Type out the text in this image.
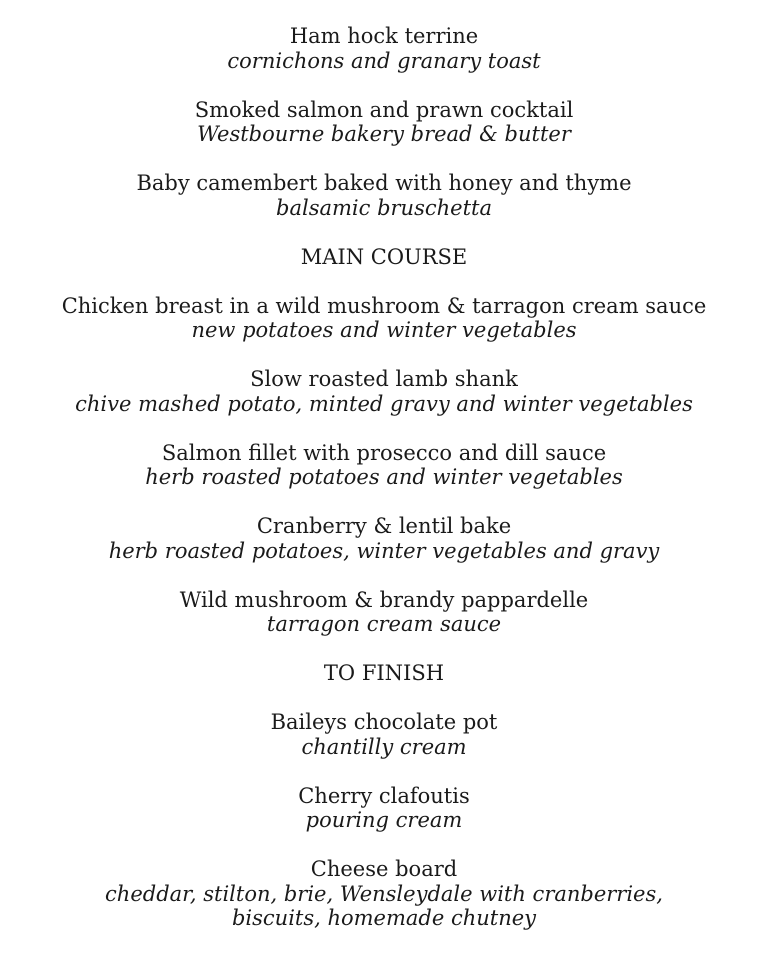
Ham hock terrine
cornichons and granary toast
Smoked salmon and prawn cocktail
Westbourne bakery bread & butter
Baby camembert baked with honey and thyme
balsamic bruschetta
MAIN COURSE
Chicken breast in a wild mushroom & tarragon cream sauce
new potatoes and winter vegetables
Slow roasted lamb shank
chive mashed potato, minted gravy and winter vegetables
Salmon fillet with prosecco and dill sauce
herb roasted potatoes and winter vegetables
Cranberry & lentil bake
herb roasted potatoes, winter vegetables and gravy
Wild mushroom & brandy pappardelle
tarragon cream sauce
TO FINISH
Baileys chocolate pot
chantilly cream
Cherry clafoutis
pouring cream
Cheese board
cheddar, stilton, brie, Wensleydale with cranberries,
biscuits, homemade chutney
